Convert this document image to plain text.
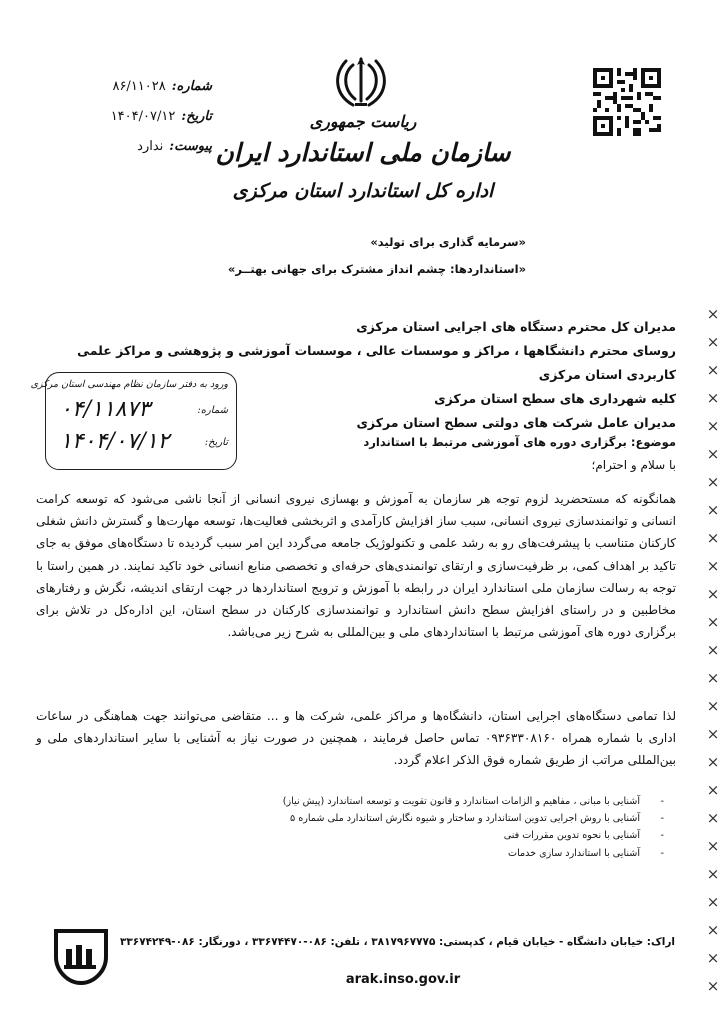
×
×
×
×
×
×
×
×
×
×
×
×
×
×
×
×
×
×
×
×
×
×
×
×
×
ریاست جمهوری
سازمان ملی استاندارد ایران
اداره کل استاندارد استان مرکزی
شماره:
۸۶/۱۱۰۲۸
تاریخ:
۱۴۰۴/۰۷/۱۲
پیوست:
ندارد
«سرمایه گذاری برای تولید»
«استانداردها: چشم انداز مشترک برای جهانی بهتــر»
مدیران کل محترم دستگاه های اجرایی استان مرکزی
روسای محترم دانشگاهها ، مراکز و موسسات عالی ، موسسات آموزشی و پژوهشی و مراکز علمی کاربردی استان مرکزی
کلیه شهرداری های سطح استان مرکزی
مدیران عامل شرکت های دولتی سطح استان مرکزی
ورود به دفتر سازمان نظام مهندسی استان مرکزی
شماره:
۰۴/۱۱۸۷۳
تاریخ:
۱۴۰۴/۰۷/۱۲	موضوع: برگزاری دوره های آموزشی مرتبط با استاندارد
با سلام و احترام؛
همانگونه که مستحضرید لزوم توجه هر سازمان به آموزش و بهسازی نیروی انسانی از آنجا ناشی می‌شود که توسعه کرامت انسانی و توانمندسازی نیروی انسانی، سبب ساز افزایش کارآمدی و اثربخشی فعالیت‌ها، توسعه مهارت‌ها و گسترش دانش شغلی کارکنان متناسب با پیشرفت‌های رو به رشد علمی و تکنولوژیک جامعه می‌گردد این امر سبب گردیده تا دستگاه‌های موفق به جای تاکید بر اهداف کمی، بر ظرفیت‌سازی و ارتقای توانمندی‌های حرفه‌ای و تخصصی منابع انسانی خود تاکید نمایند. در همین راستا با توجه به رسالت سازمان ملی استاندارد ایران در رابطه با آموزش و ترویج استانداردها در جهت ارتقای اندیشه، نگرش و رفتارهای مخاطبین و در راستای افزایش سطح دانش استاندارد و توانمندسازی کارکنان در سطح استان، این اداره‌کل در تلاش برای برگزاری دوره های آموزشی مرتبط با استانداردهای ملی و بین‌المللی به شرح زیر می‌باشد.
لذا تمامی دستگاه‌های اجرایی استان، دانشگاه‌ها و مراکز علمی، شرکت ها و ... متقاضی می‌توانند جهت هماهنگی در ساعات اداری با شماره همراه ۰۹۳۶۳۳۰۸۱۶۰ تماس حاصل فرمایند ، همچنین در صورت نیاز به آشنایی با سایر استانداردهای ملی و بین‌المللی مراتب از طریق شماره فوق الذکر اعلام گردد.
-
آشنایی با مبانی ، مفاهیم و الزامات استاندارد و قانون تقویت و توسعه استاندارد (پیش نیاز)
-
آشنایی با روش اجرایی تدوین استاندارد و ساختار و شیوه نگارش استاندارد ملی شماره ۵
-
آشنایی با نحوه تدوین مقررات فنی
-
آشنایی با استاندارد سازی خدمات
اراک: خیابان دانشگاه - خیابان قیام ، کدپستی: ۳۸۱۷۹۶۷۷۷۵ ، تلفن: ۰۸۶-۳۳۶۷۴۴۷۰ ، دورنگار: ۰۸۶-۳۳۶۷۴۲۴۹
arak.inso.gov.ir
